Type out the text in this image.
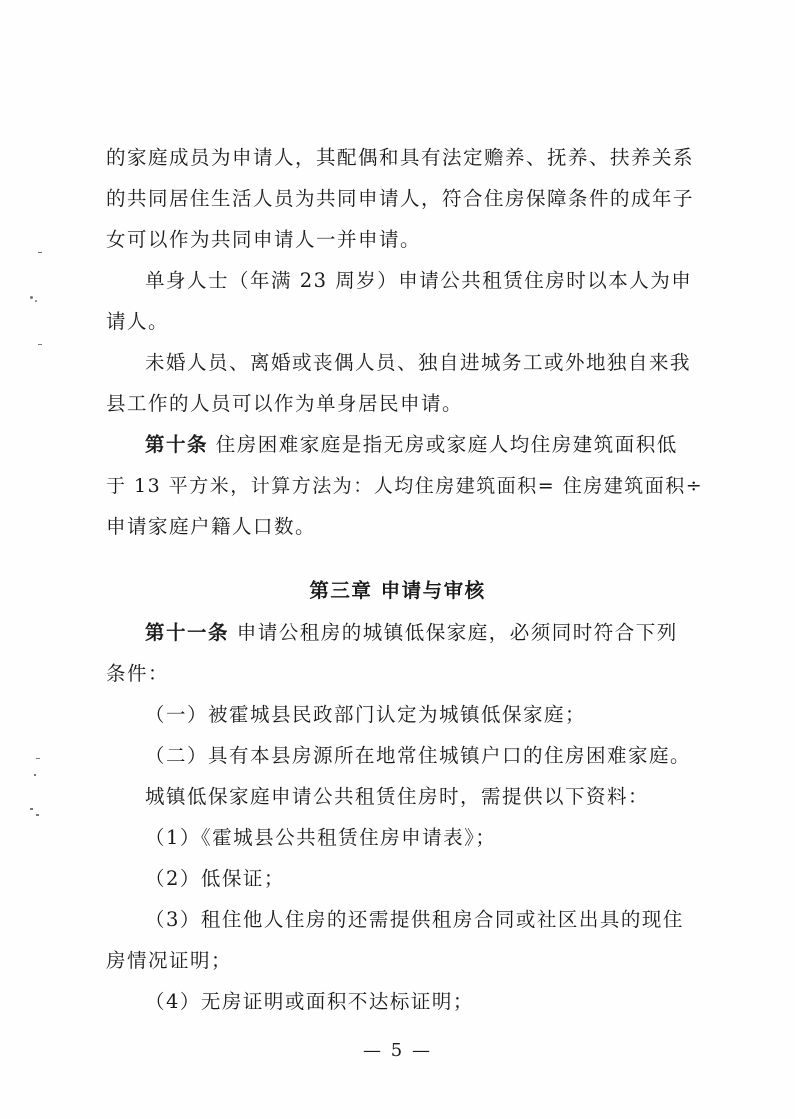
的家庭成员为申请人，其配偶和具有法定赡养、抚养、扶养关系
的共同居住生活人员为共同申请人，符合住房保障条件的成年子
女可以作为共同申请人一并申请。
单身人士（年满 23 周岁）申请公共租赁住房时以本人为申
请人。
未婚人员、离婚或丧偶人员、独自进城务工或外地独自来我
县工作的人员可以作为单身居民申请。
第十条 住房困难家庭是指无房或家庭人均住房建筑面积低
于 13 平方米，计算方法为：人均住房建筑面积= 住房建筑面积÷
申请家庭户籍人口数。
第三章 申请与审核
第十一条 申请公租房的城镇低保家庭，必须同时符合下列
条件：
（一）被霍城县民政部门认定为城镇低保家庭；
（二）具有本县房源所在地常住城镇户口的住房困难家庭。
城镇低保家庭申请公共租赁住房时，需提供以下资料：
（1）《霍城县公共租赁住房申请表》；
（2）低保证；
（3）租住他人住房的还需提供租房合同或社区出具的现住
房情况证明；
（4）无房证明或面积不达标证明；
— 5 —
